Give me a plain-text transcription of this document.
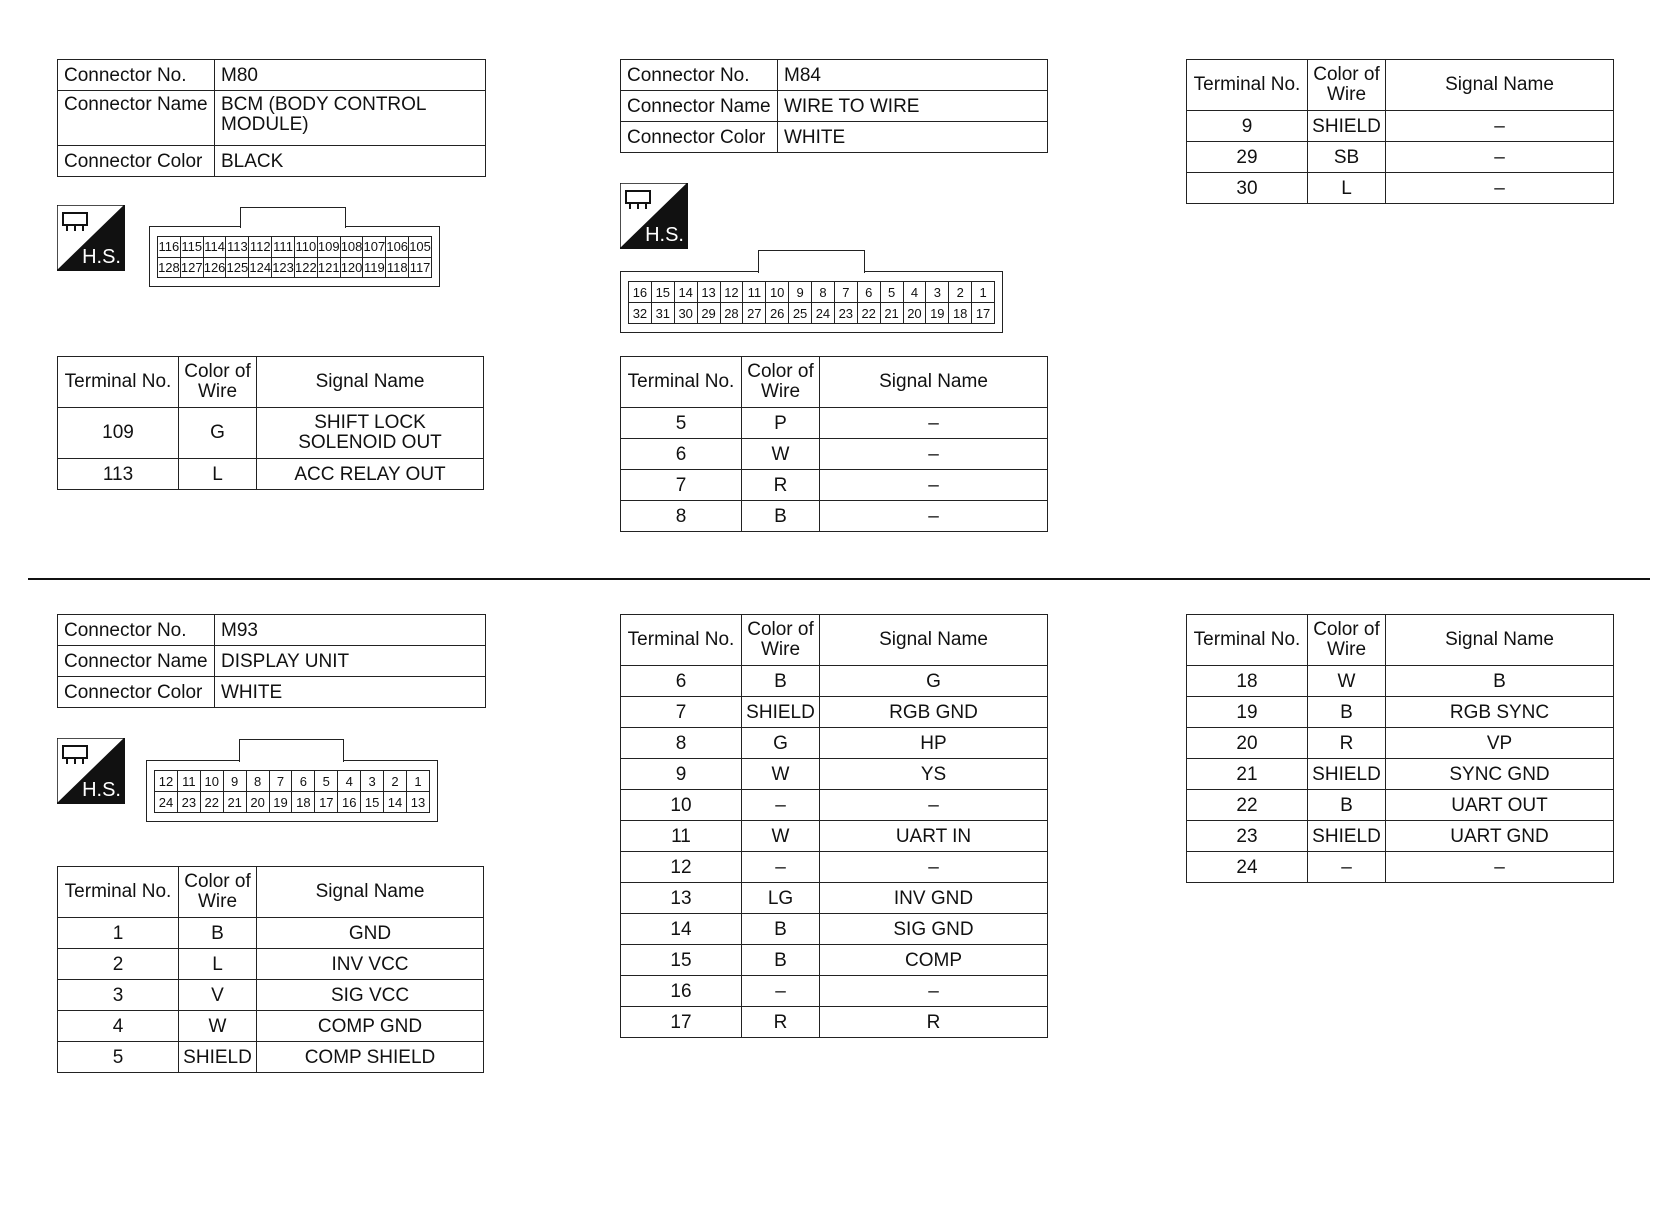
Connector No.	M80
Connector Name	BCM (BODY CONTROL MODULE)
Connector Color	BLACK
H.S.	116	115	114	113	112	111	110	109	108	107	106	105
128	127	126	125	124	123	122	121	120	119	118	117
Terminal No.	Color of Wire	Signal Name
109	G	SHIFT LOCK SOLENOID OUT
113	L	ACC RELAY OUT
Connector No.	M84
Connector Name	WIRE TO WIRE
Connector Color	WHITE
H.S.
16	15	14	13	12	11	10	9	8	7	6	5	4	3	2	1
32	31	30	29	28	27	26	25	24	23	22	21	20	19	18	17
Terminal No.	Color of Wire	Signal Name
5	P	–
6	W	–
7	R	–
8	B	–
Terminal No.	Color of Wire	Signal Name
9	SHIELD	–
29	SB	–
30	L	–
Connector No.	M93
Connector Name	DISPLAY UNIT
Connector Color	WHITE
H.S.	12	11	10	9	8	7	6	5	4	3	2	1
24	23	22	21	20	19	18	17	16	15	14	13
Terminal No.	Color of Wire	Signal Name
1	B	GND
2	L	INV VCC
3	V	SIG VCC
4	W	COMP GND
5	SHIELD	COMP SHIELD
Terminal No.	Color of Wire	Signal Name
6	B	G
7	SHIELD	RGB GND
8	G	HP
9	W	YS
10	–	–
11	W	UART IN
12	–	–
13	LG	INV GND
14	B	SIG GND
15	B	COMP
16	–	–
17	R	R
Terminal No.	Color of Wire	Signal Name
18	W	B
19	B	RGB SYNC
20	R	VP
21	SHIELD	SYNC GND
22	B	UART OUT
23	SHIELD	UART GND
24	–	–
